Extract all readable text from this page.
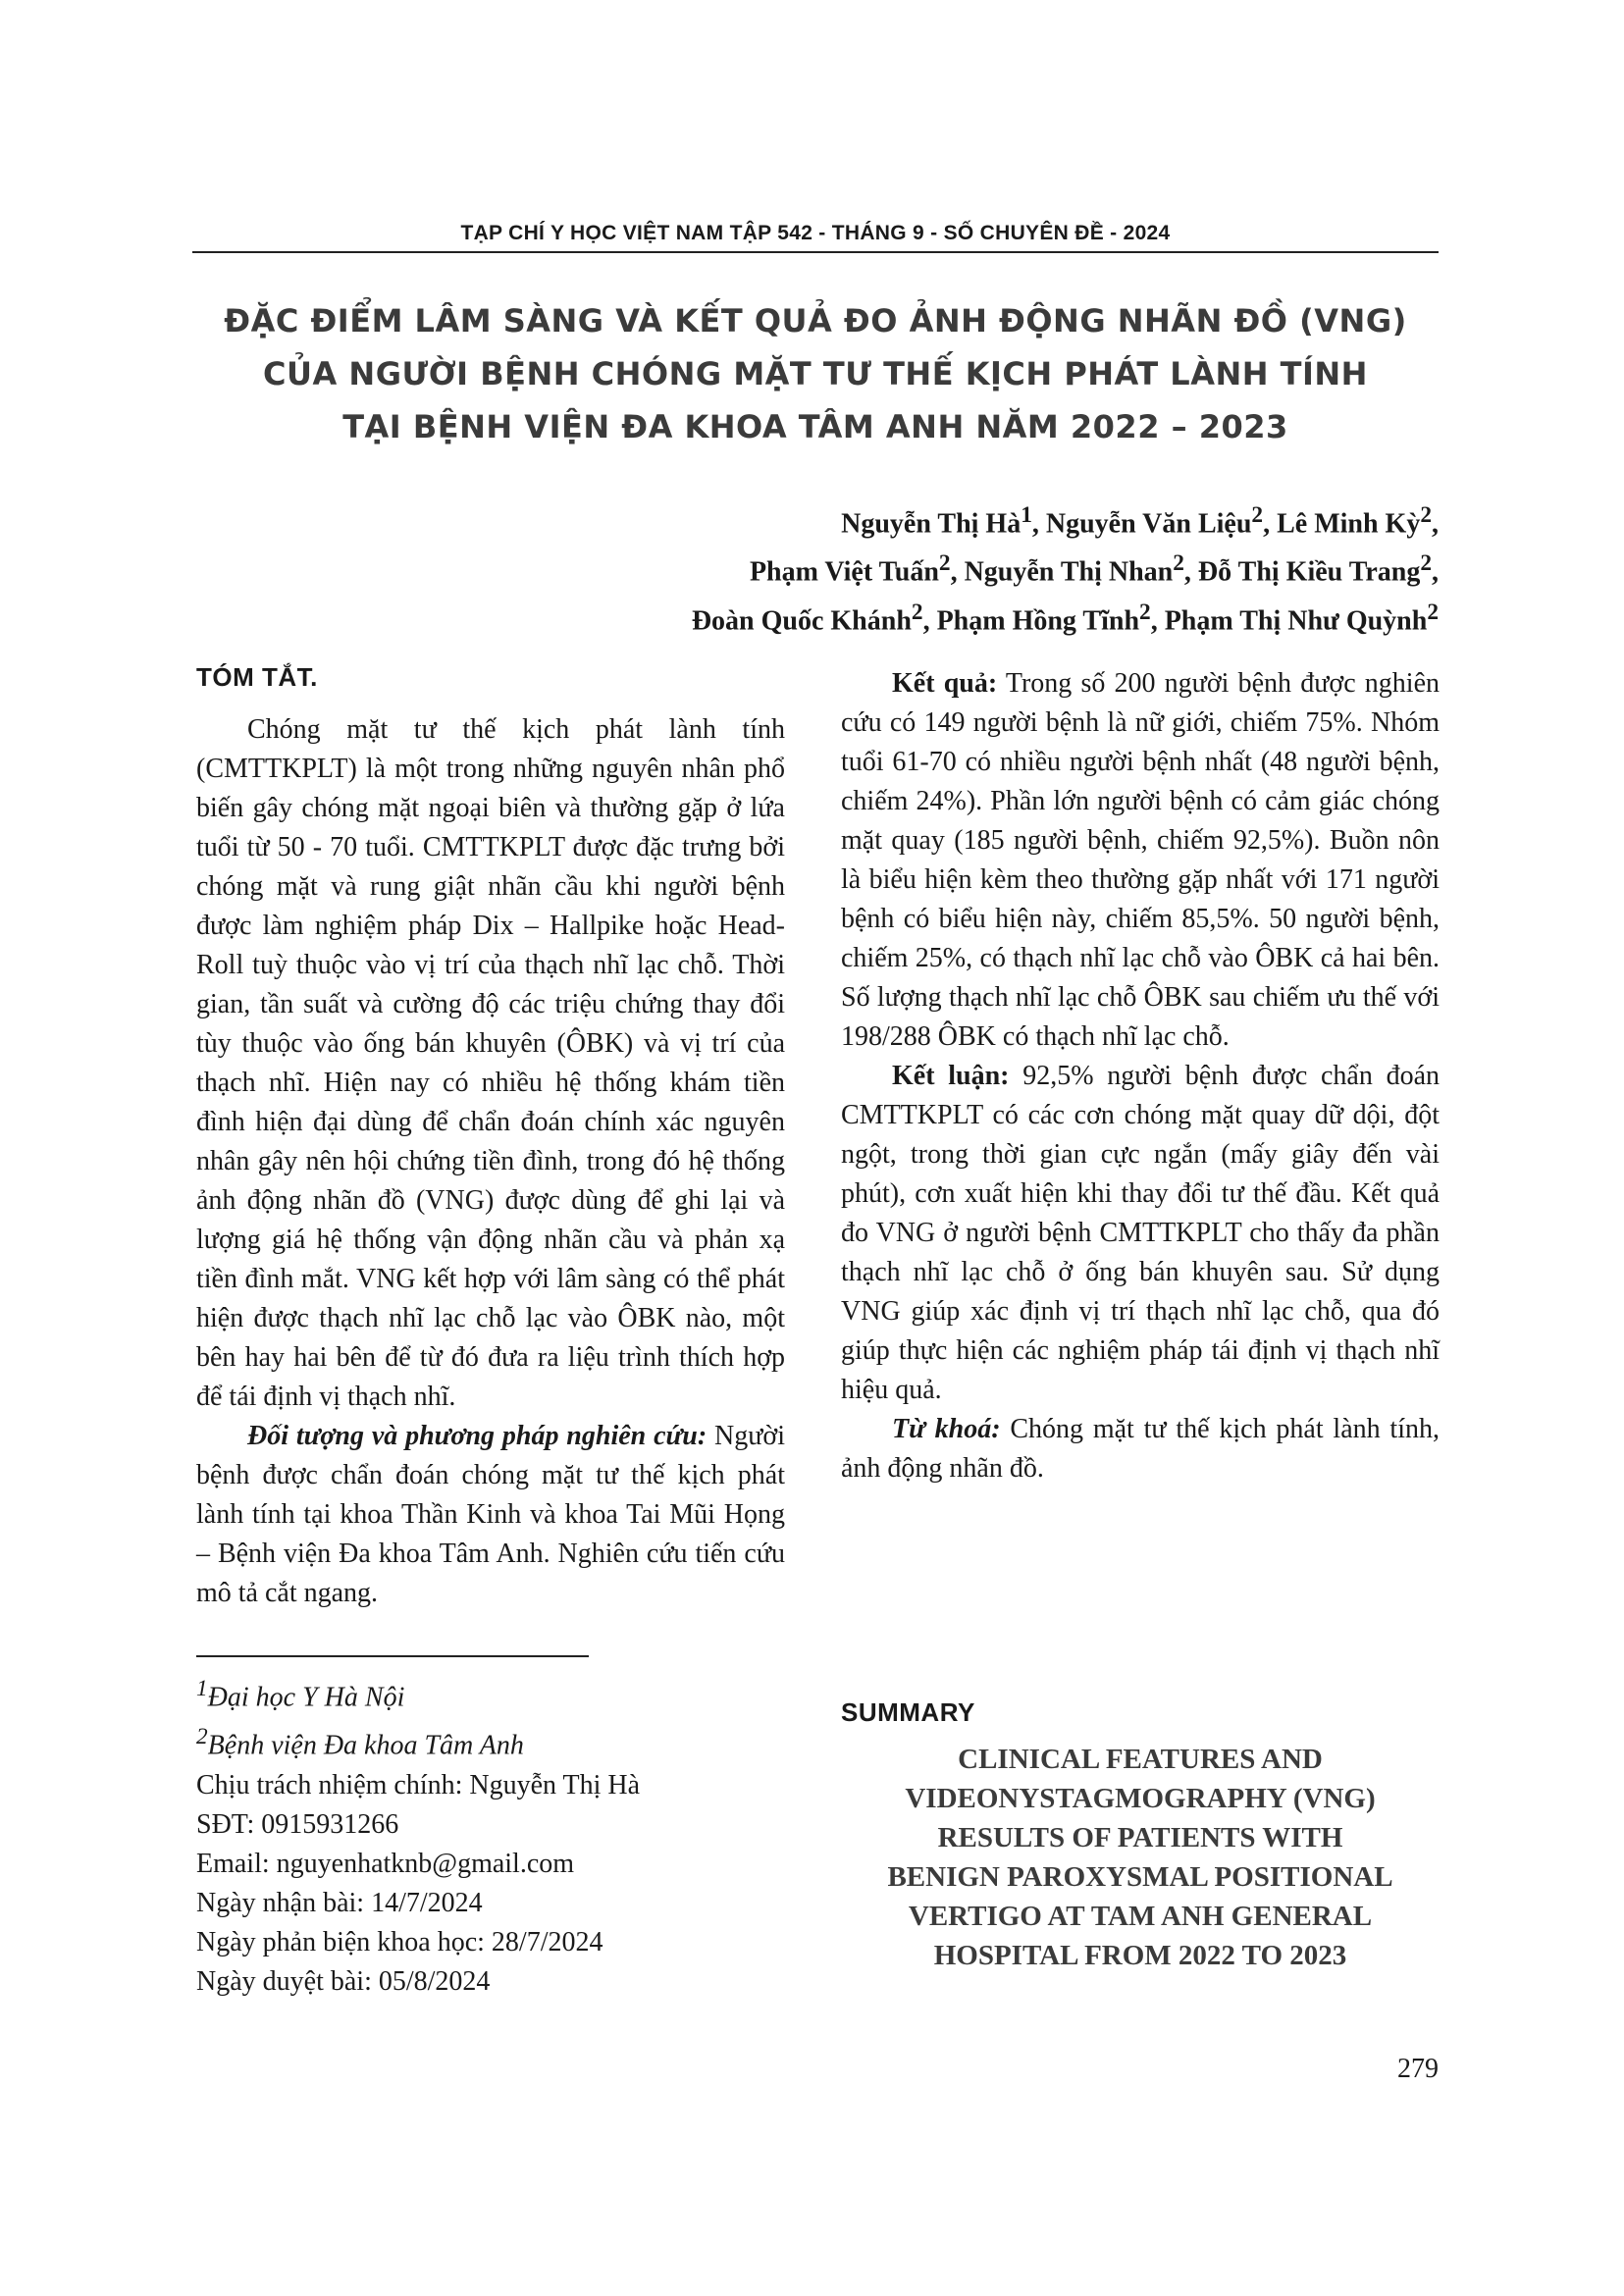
TẠP CHÍ Y HỌC VIỆT NAM TẬP 542 - THÁNG 9 - SỐ CHUYÊN ĐỀ - 2024
ĐẶC ĐIỂM LÂM SÀNG VÀ KẾT QUẢ ĐO ẢNH ĐỘNG NHÃN ĐỒ (VNG)
CỦA NGƯỜI BỆNH CHÓNG MẶT TƯ THẾ KỊCH PHÁT LÀNH TÍNH
TẠI BỆNH VIỆN ĐA KHOA TÂM ANH NĂM 2022 – 2023
Nguyễn Thị $Hà^1$, Nguyễn Văn Liệu$^2$, Lê Minh Kỳ$^2$,
Phạm Việt Tuấn$^2$, Nguyễn Thị Nhan$^2$, Đỗ Thị Kiều Trang$^2$,
Đoàn Quốc Khánh$^2$, Phạm Hồng Tĩnh$^2$, Phạm Thị Như Quỳnh$^2$
TÓM TẮT.

Chóng mặt tư thế kịch phát lành tính (CMTTKPLT) là một trong những nguyên nhân phổ biến gây chóng mặt ngoại biên và thường gặp ở lứa tuổi từ 50 - 70 tuổi. CMTTKPLT được đặc trưng bởi chóng mặt và rung giật nhãn cầu khi người bệnh được làm nghiệm pháp Dix – Hallpike hoặc Head-Roll tuỳ thuộc vào vị trí của thạch nhĩ lạc chỗ. Thời gian, tần suất và cường độ các triệu chứng thay đổi tùy thuộc vào ống bán khuyên (ÔBK) và vị trí của thạch nhĩ. Hiện nay có nhiều hệ thống khám tiền đình hiện đại dùng để chẩn đoán chính xác nguyên nhân gây nên hội chứng tiền đình, trong đó hệ thống ảnh động nhãn đồ (VNG) được dùng để ghi lại và lượng giá hệ thống vận động nhãn cầu và phản xạ tiền đình mắt. VNG kết hợp với lâm sàng có thể phát hiện được thạch nhĩ lạc chỗ lạc vào ÔBK nào, một bên hay hai bên để từ đó đưa ra liệu trình thích hợp để tái định vị thạch nhĩ.

Đối tượng và phương pháp nghiên cứu: Người bệnh được chẩn đoán chóng mặt tư thế kịch phát lành tính tại khoa Thần Kinh và khoa Tai Mũi Họng – Bệnh viện Đa khoa Tâm Anh. Nghiên cứu tiến cứu mô tả cắt ngang.

$^1$Đại học Y Hà Nội
$^2$Bệnh viện Đa khoa Tâm Anh
Chịu trách nhiệm chính: Nguyễn Thị Hà
SĐT: 0915931266
Email: nguyenhatknb@gmail.com
Ngày nhận bài: 14/7/2024
Ngày phản biện khoa học: 28/7/2024
Ngày duyệt bài: 05/8/2024

Kết quả: Trong số 200 người bệnh được nghiên cứu có 149 người bệnh là nữ giới, chiếm 75%. Nhóm tuổi 61-70 có nhiều người bệnh nhất (48 người bệnh, chiếm 24%). Phần lớn người bệnh có cảm giác chóng mặt quay (185 người bệnh, chiếm 92,5%). Buồn nôn là biểu hiện kèm theo thường gặp nhất với 171 người bệnh có biểu hiện này, chiếm 85,5%. 50 người bệnh, chiếm 25%, có thạch nhĩ lạc chỗ vào ÔBK cả hai bên. Số lượng thạch nhĩ lạc chỗ ÔBK sau chiếm ưu thế với 198/288 ÔBK có thạch nhĩ lạc chỗ.

Kết luận: 92,5% người bệnh được chẩn đoán CMTTKPLT có các cơn chóng mặt quay dữ dội, đột ngột, trong thời gian cực ngắn (mấy giây đến vài phút), cơn xuất hiện khi thay đổi tư thế đầu. Kết quả đo VNG ở người bệnh CMTTKPLT cho thấy đa phần thạch nhĩ lạc chỗ ở ống bán khuyên sau. Sử dụng VNG giúp xác định vị trí thạch nhĩ lạc chỗ, qua đó giúp thực hiện các nghiệm pháp tái định vị thạch nhĩ hiệu quả.

Từ khoá: Chóng mặt tư thế kịch phát lành tính, ảnh động nhãn đồ.

SUMMARY
CLINICAL FEATURES AND
VIDEONYSTAGMOGRAPHY (VNG)
RESULTS OF PATIENTS WITH
BENIGN PAROXYSMAL POSITIONAL
VERTIGO AT TAM ANH GENERAL
HOSPITAL FROM 2022 TO 2023
279
